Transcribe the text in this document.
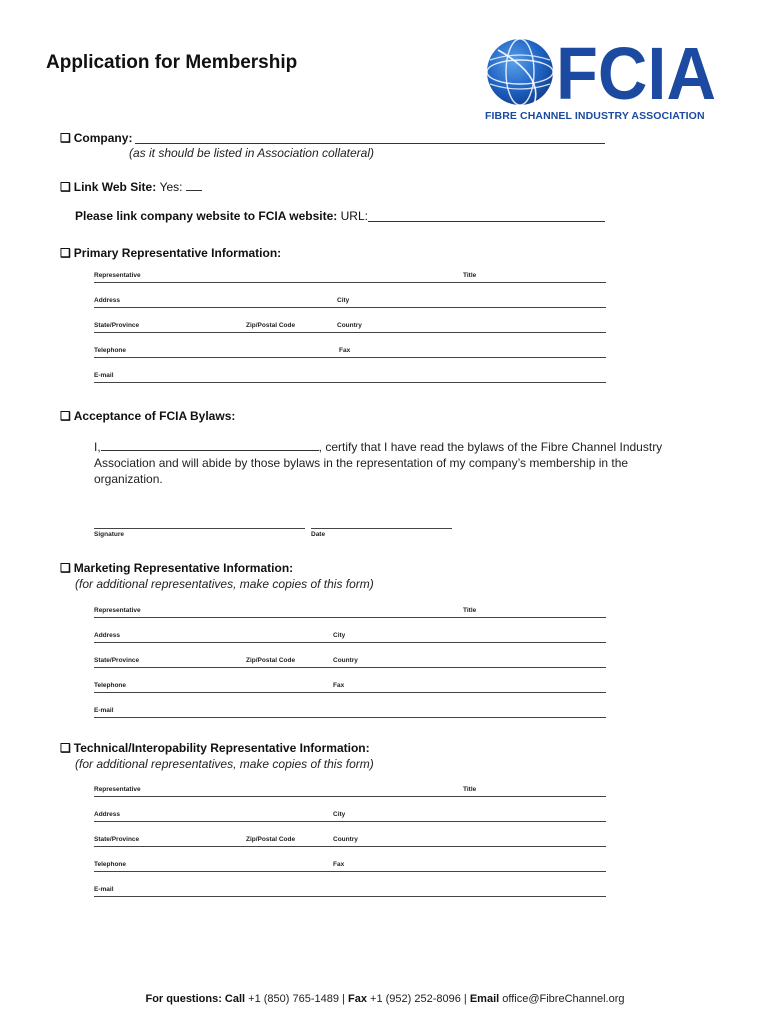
Application for Membership	FCIA
FIBRE CHANNEL INDUSTRY ASSOCIATION
❑ Company:
(as it should be listed in Association collateral)
❑ Link Web Site: Yes:
Please link company website to FCIA website: URL:
❑ Primary Representative Information:
Representative	Title
Address	City
State/Province	Zip/Postal Code	Country
Telephone	Fax
E-mail
❑ Acceptance of FCIA Bylaws:
I,	, certify that I have read the bylaws of the Fibre Channel Industry
Association and will abide by those bylaws in the representation of my company’s membership in the
organization.
Signature	Date
❑ Marketing Representative Information:
(for additional representatives, make copies of this form)
Representative	Title
Address	City
State/Province	Zip/Postal Code	Country
Telephone	Fax
E-mail
❑ Technical/Interopability Representative Information:
(for additional representatives, make copies of this form)
Representative	Title
Address	City
State/Province	Zip/Postal Code	Country
Telephone	Fax
E-mail
For questions: Call +1 (850) 765-1489 | Fax +1 (952) 252-8096 | Email office@FibreChannel.org
